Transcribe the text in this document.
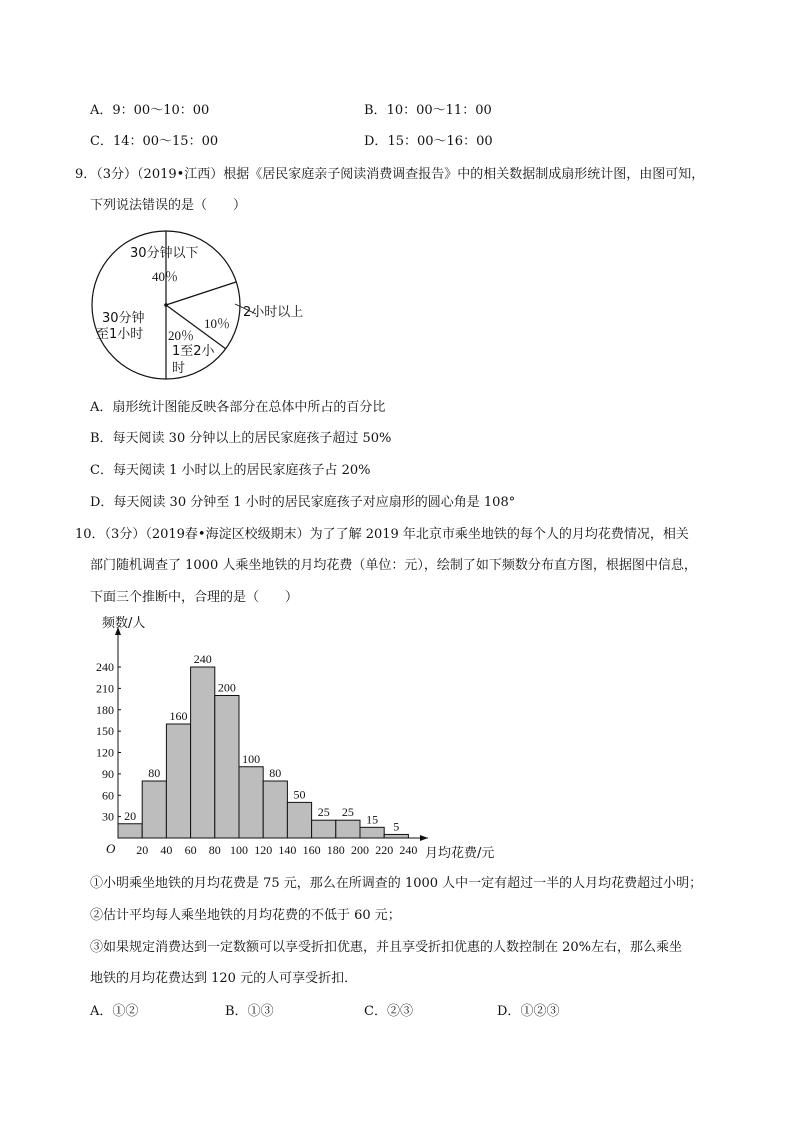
A．9：00～10：00	B．10：00～11：00
C．14：00～15：00	D．15：00～16：00
9．（3分）（2019•江西）根据《居民家庭亲子阅读消费调查报告》中的相关数据制成扇形统计图，由图可知，
下列说法错误的是（　　）
30分钟以下
40％
2小时以上
10％
20％
1至2小
时
30分钟
至1小时
A．扇形统计图能反映各部分在总体中所占的百分比
B．每天阅读 30 分钟以上的居民家庭孩子超过 50%
C．每天阅读 1 小时以上的居民家庭孩子占 20%
D．每天阅读 30 分钟至 1 小时的居民家庭孩子对应扇形的圆心角是 108°
10．（3分）（2019春•海淀区校级期末）为了了解 2019 年北京市乘坐地铁的每个人的月均花费情况，相关
部门随机调查了 1000 人乘坐地铁的月均花费（单位：元），绘制了如下频数分布直方图，根据图中信息，
下面三个推断中，合理的是（　　）
频数/人
月均花费/元
O
30
60
90
120
150
180
210
240
20 40 60 80 100 120 140 160 180 200 220 240
20
80
160
240
200
100
80
50
25 25
15
5
①小明乘坐地铁的月均花费是 75 元，那么在所调查的 1000 人中一定有超过一半的人月均花费超过小明；
②估计平均每人乘坐地铁的月均花费的不低于 60 元；
③如果规定消费达到一定数额可以享受折扣优惠，并且享受折扣优惠的人数控制在 20%左右，那么乘坐
地铁的月均花费达到 120 元的人可享受折扣．
A．①②	B．①③	C．②③	D．①②③
